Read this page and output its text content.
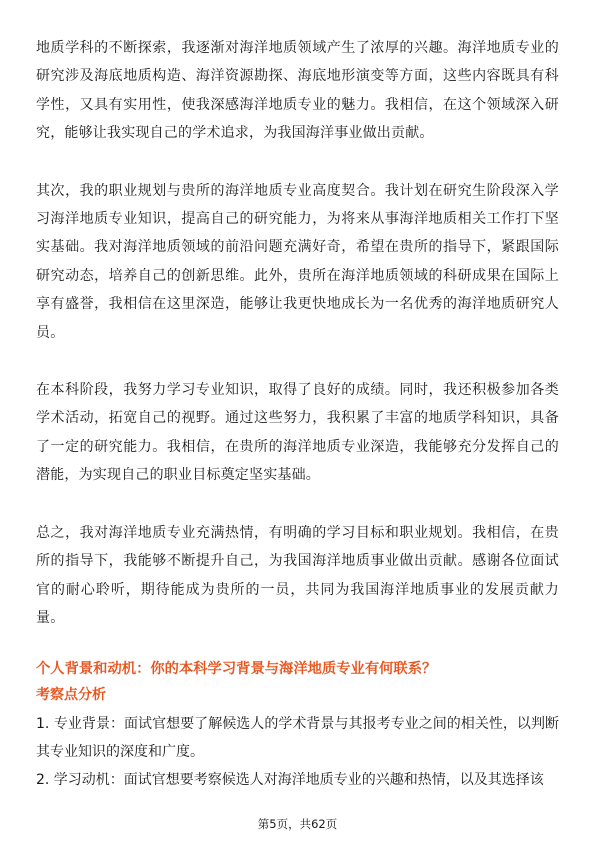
地质学科的不断探索，我逐渐对海洋地质领域产生了浓厚的兴趣。海洋地质专业的研究涉及海底地质构造、海洋资源勘探、海底地形演变等方面，这些内容既具有科学性，又具有实用性，使我深感海洋地质专业的魅力。我相信，在这个领域深入研究，能够让我实现自己的学术追求，为我国海洋事业做出贡献。

其次，我的职业规划与贵所的海洋地质专业高度契合。我计划在研究生阶段深入学习海洋地质专业知识，提高自己的研究能力，为将来从事海洋地质相关工作打下坚实基础。我对海洋地质领域的前沿问题充满好奇，希望在贵所的指导下，紧跟国际研究动态，培养自己的创新思维。此外，贵所在海洋地质领域的科研成果在国际上享有盛誉，我相信在这里深造，能够让我更快地成长为一名优秀的海洋地质研究人员。

在本科阶段，我努力学习专业知识，取得了良好的成绩。同时，我还积极参加各类学术活动，拓宽自己的视野。通过这些努力，我积累了丰富的地质学科知识，具备了一定的研究能力。我相信，在贵所的海洋地质专业深造，我能够充分发挥自己的潜能，为实现自己的职业目标奠定坚实基础。

总之，我对海洋地质专业充满热情，有明确的学习目标和职业规划。我相信，在贵所的指导下，我能够不断提升自己，为我国海洋地质事业做出贡献。感谢各位面试官的耐心聆听，期待能成为贵所的一员，共同为我国海洋地质事业的发展贡献力量。

个人背景和动机：你的本科学习背景与海洋地质专业有何联系？

考察点分析

1. 专业背景：面试官想要了解候选人的学术背景与其报考专业之间的相关性，以判断其专业知识的深度和广度。
2. 学习动机：面试官想要考察候选人对海洋地质专业的兴趣和热情，以及其选择该
第5页，共62页
